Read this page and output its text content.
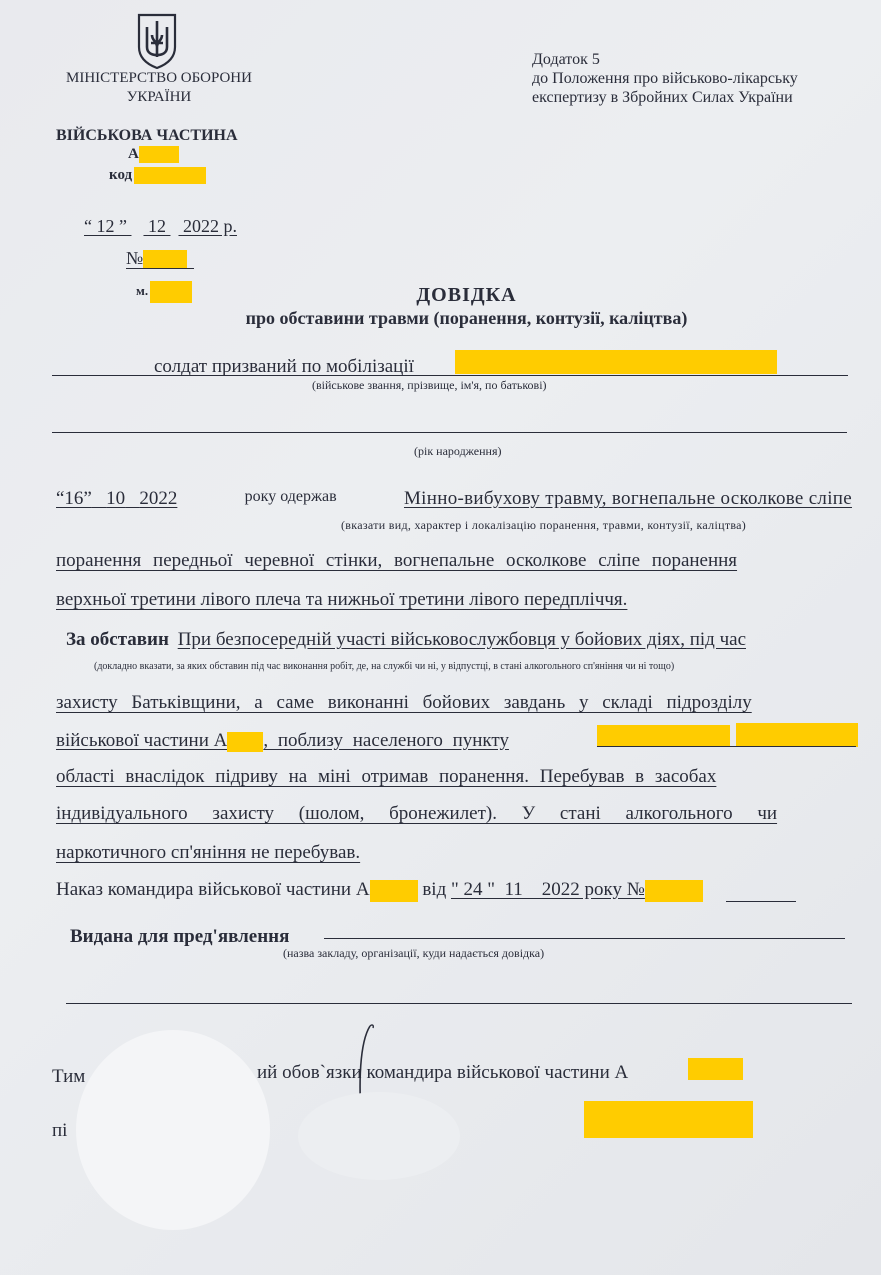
МІНІСТЕРСТВО ОБОРОНИ
УКРАЇНИ
Додаток 5
до Положення про військово-лікарську
експертизу в Збройних Силах України
ВІЙСЬКОВА ЧАСТИНА
А
код
“ 12 ” 12 2022 р.
№
м.	ДОВІДКА
про обставини травми (поранення, контузії, каліцтва)
солдат призваний по мобілізації
(військове звання, прізвище, ім'я, по батькові)
(рік народження)
“16” 10 2022	року одержав	Мінно-вибухову травму, вогнепальне осколкове сліпе
(вказати вид, характер і локалізацію поранення, травми, контузії, каліцтва)
поранення передньої черевної стінки, вогнепальне осколкове сліпе поранення
верхньої третини лівого плеча та нижньої третини лівого передпліччя.
За обставин При безпосередній участі військовослужбовця у бойових діях, під час
(докладно вказати, за яких обставин під час виконання робіт, де, на службі чи ні, у відпустці, в стані алкогольного сп'яніння чи ні тощо)
захисту Батьківщини, а саме виконанні бойових завдань у складі підрозділу
військової частини А , поблизу населеного пункту
області внаслідок підриву на міні отримав поранення. Перебував в засобах
індивідуального захисту (шолом, бронежилет). У стані алкогольного чи
наркотичного сп'яніння не перебував.
Наказ командира військової частини А	від " 24 "  11    2022 року №
Видана для пред'явлення
(назва закладу, організації, куди надається довідка)
Тим	ий обов`язки командира військової частини А
пі
